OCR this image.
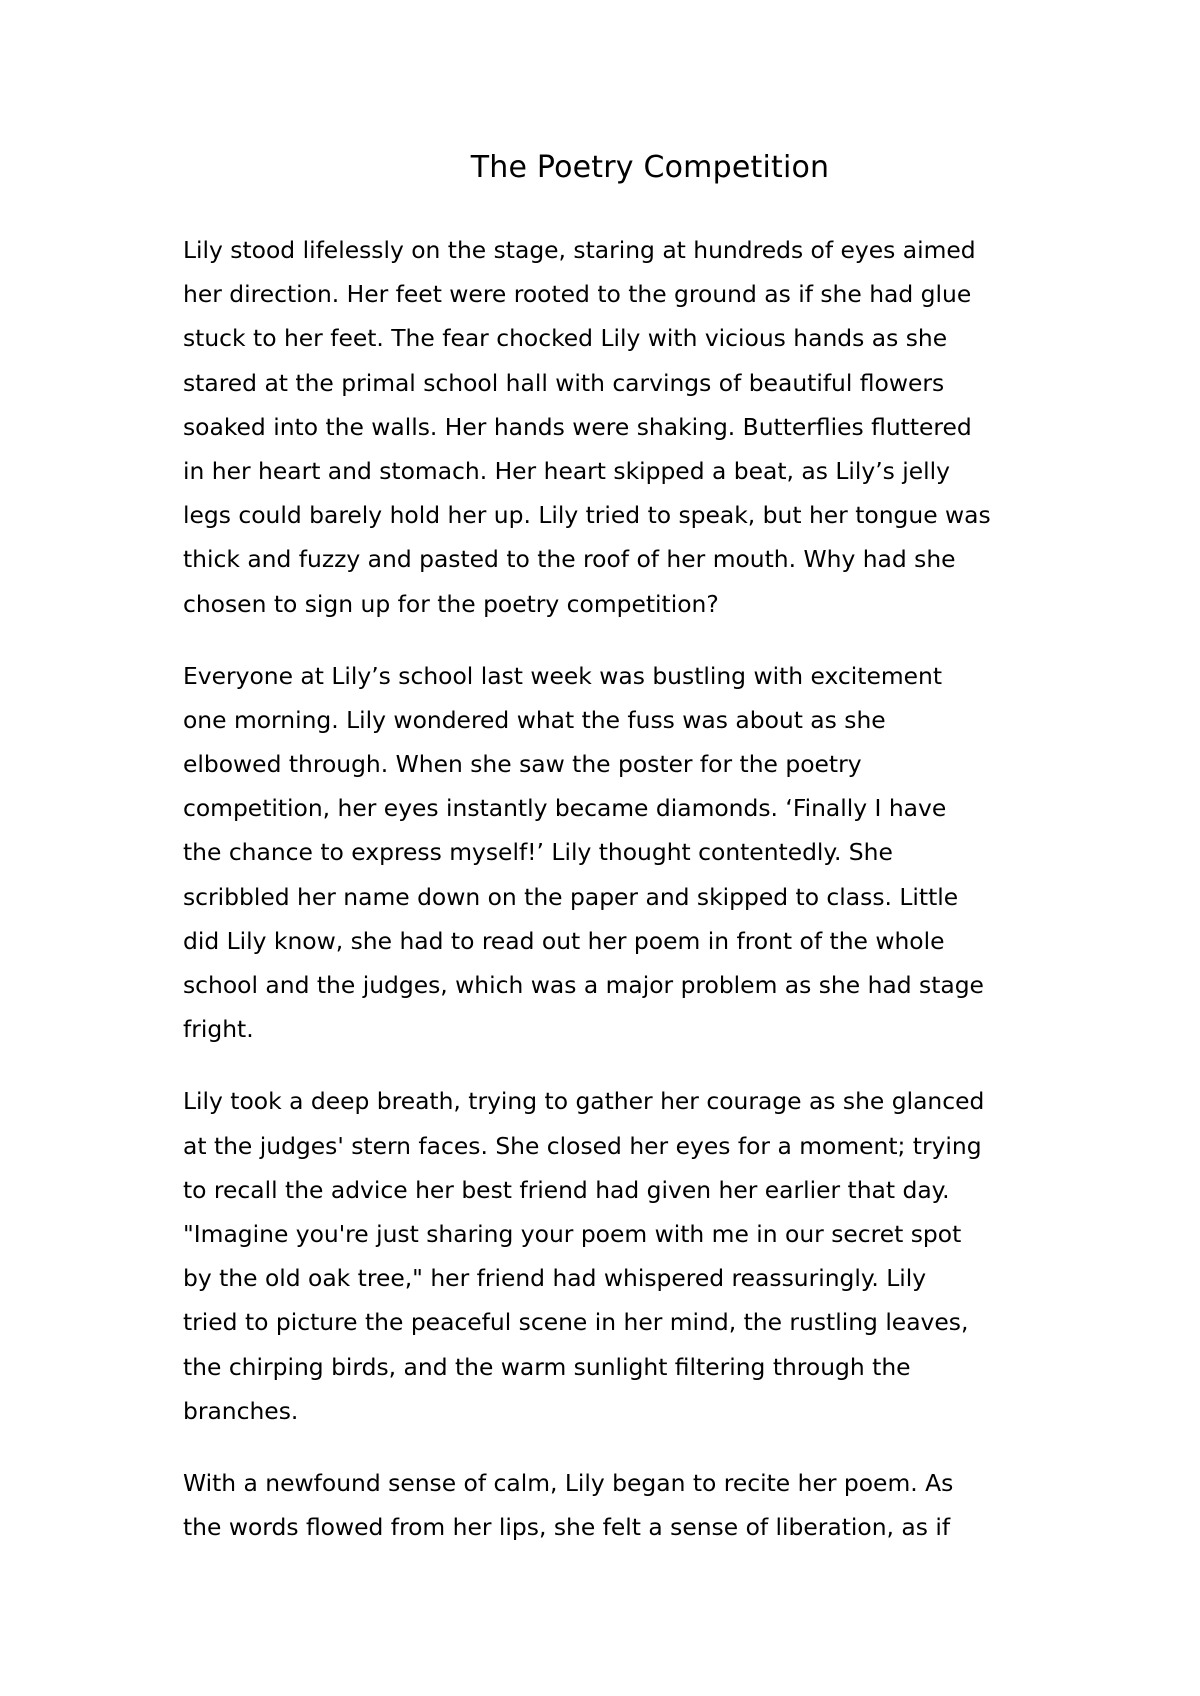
The Poetry Competition

Lily stood lifelessly on the stage, staring at hundreds of eyes aimed
her direction. Her feet were rooted to the ground as if she had glue
stuck to her feet. The fear chocked Lily with vicious hands as she
stared at the primal school hall with carvings of beautiful flowers
soaked into the walls. Her hands were shaking. Butterflies fluttered
in her heart and stomach. Her heart skipped a beat, as Lily’s jelly
legs could barely hold her up. Lily tried to speak, but her tongue was
thick and fuzzy and pasted to the roof of her mouth. Why had she
chosen to sign up for the poetry competition?

Everyone at Lily’s school last week was bustling with excitement
one morning. Lily wondered what the fuss was about as she
elbowed through. When she saw the poster for the poetry
competition, her eyes instantly became diamonds. ‘Finally I have
the chance to express myself!’ Lily thought contentedly. She
scribbled her name down on the paper and skipped to class. Little
did Lily know, she had to read out her poem in front of the whole
school and the judges, which was a major problem as she had stage
fright.

Lily took a deep breath, trying to gather her courage as she glanced
at the judges' stern faces. She closed her eyes for a moment; trying
to recall the advice her best friend had given her earlier that day.
"Imagine you're just sharing your poem with me in our secret spot
by the old oak tree," her friend had whispered reassuringly. Lily
tried to picture the peaceful scene in her mind, the rustling leaves,
the chirping birds, and the warm sunlight filtering through the
branches.

With a newfound sense of calm, Lily began to recite her poem. As
the words flowed from her lips, she felt a sense of liberation, as if
